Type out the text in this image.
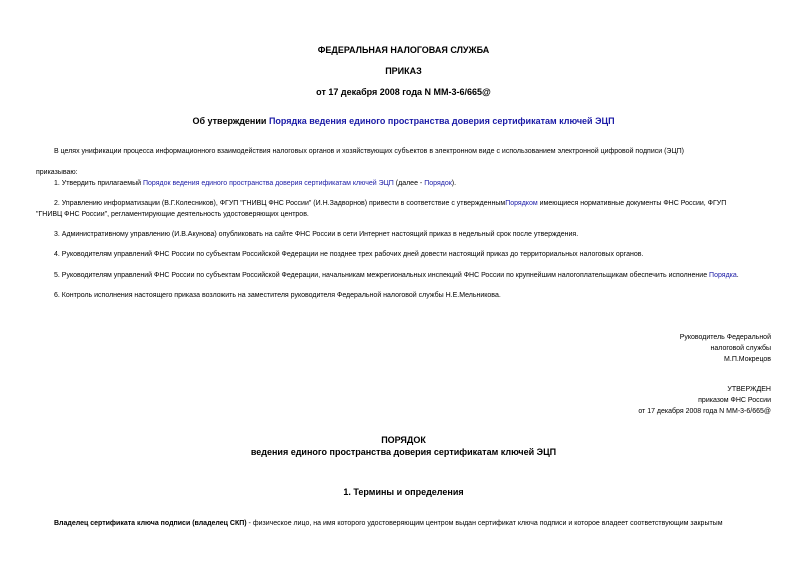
ФЕДЕРАЛЬНАЯ НАЛОГОВАЯ СЛУЖБА
ПРИКАЗ
от 17 декабря 2008 года N ММ-3-6/665@
Об утверждении Порядка ведения единого пространства доверия сертификатам ключей ЭЦП
В целях унификации процесса информационного взаимодействия налоговых органов и хозяйствующих субъектов в электронном виде с использованием электронной цифровой подписи (ЭЦП)
приказываю:
1. Утвердить прилагаемый Порядок ведения единого пространства доверия сертификатам ключей ЭЦП (далее - Порядок).
2. Управлению информатизации (В.Г.Колесников), ФГУП "ГНИВЦ ФНС России" (И.Н.Задворнов) привести в соответствие с утвержденнымПорядком имеющиеся нормативные документы ФНС России, ФГУП
"ГНИВЦ ФНС России", регламентирующие деятельность удостоверяющих центров.
3. Административному управлению (И.В.Акунова) опубликовать на сайте ФНС России в сети Интернет настоящий приказ в недельный срок после утверждения.
4. Руководителям управлений ФНС России по субъектам Российской Федерации не позднее трех рабочих дней довести настоящий приказ до территориальных налоговых органов.
5. Руководителям управлений ФНС России по субъектам Российской Федерации, начальникам межрегиональных инспекций ФНС России по крупнейшим налогоплательщикам обеспечить исполнение Порядка.
6. Контроль исполнения настоящего приказа возложить на заместителя руководителя Федеральной налоговой службы Н.Е.Мельникова.
Руководитель Федеральной
налоговой службы
М.П.Мокрецов
УТВЕРЖДЕН
приказом ФНС России
от 17 декабря 2008 года N ММ-3-6/665@
ПОРЯДОК
ведения единого пространства доверия сертификатам ключей ЭЦП
1. Термины и определения
Владелец сертификата ключа подписи (владелец СКП) - физическое лицо, на имя которого удостоверяющим центром выдан сертификат ключа подписи и которое владеет соответствующим закрытым
